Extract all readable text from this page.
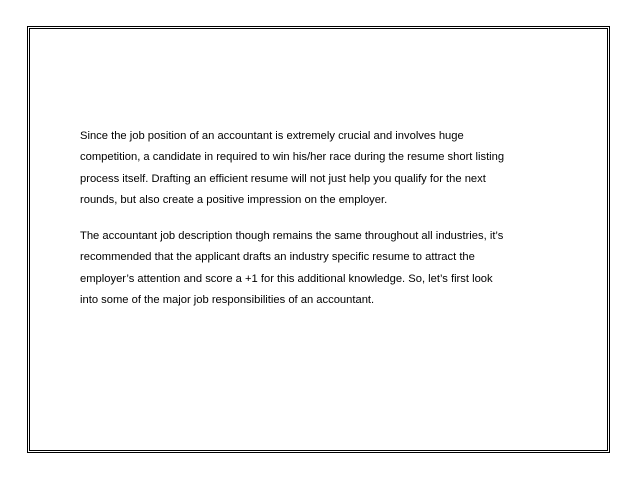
Since the job position of an accountant is extremely crucial and involves huge
competition, a candidate in required to win his/her race during the resume short listing
process itself. Drafting an efficient resume will not just help you qualify for the next
rounds, but also create a positive impression on the employer.
The accountant job description though remains the same throughout all industries, it’s
recommended that the applicant drafts an industry specific resume to attract the
employer’s attention and score a +1 for this additional knowledge. So, let’s first look
into some of the major job responsibilities of an accountant.
